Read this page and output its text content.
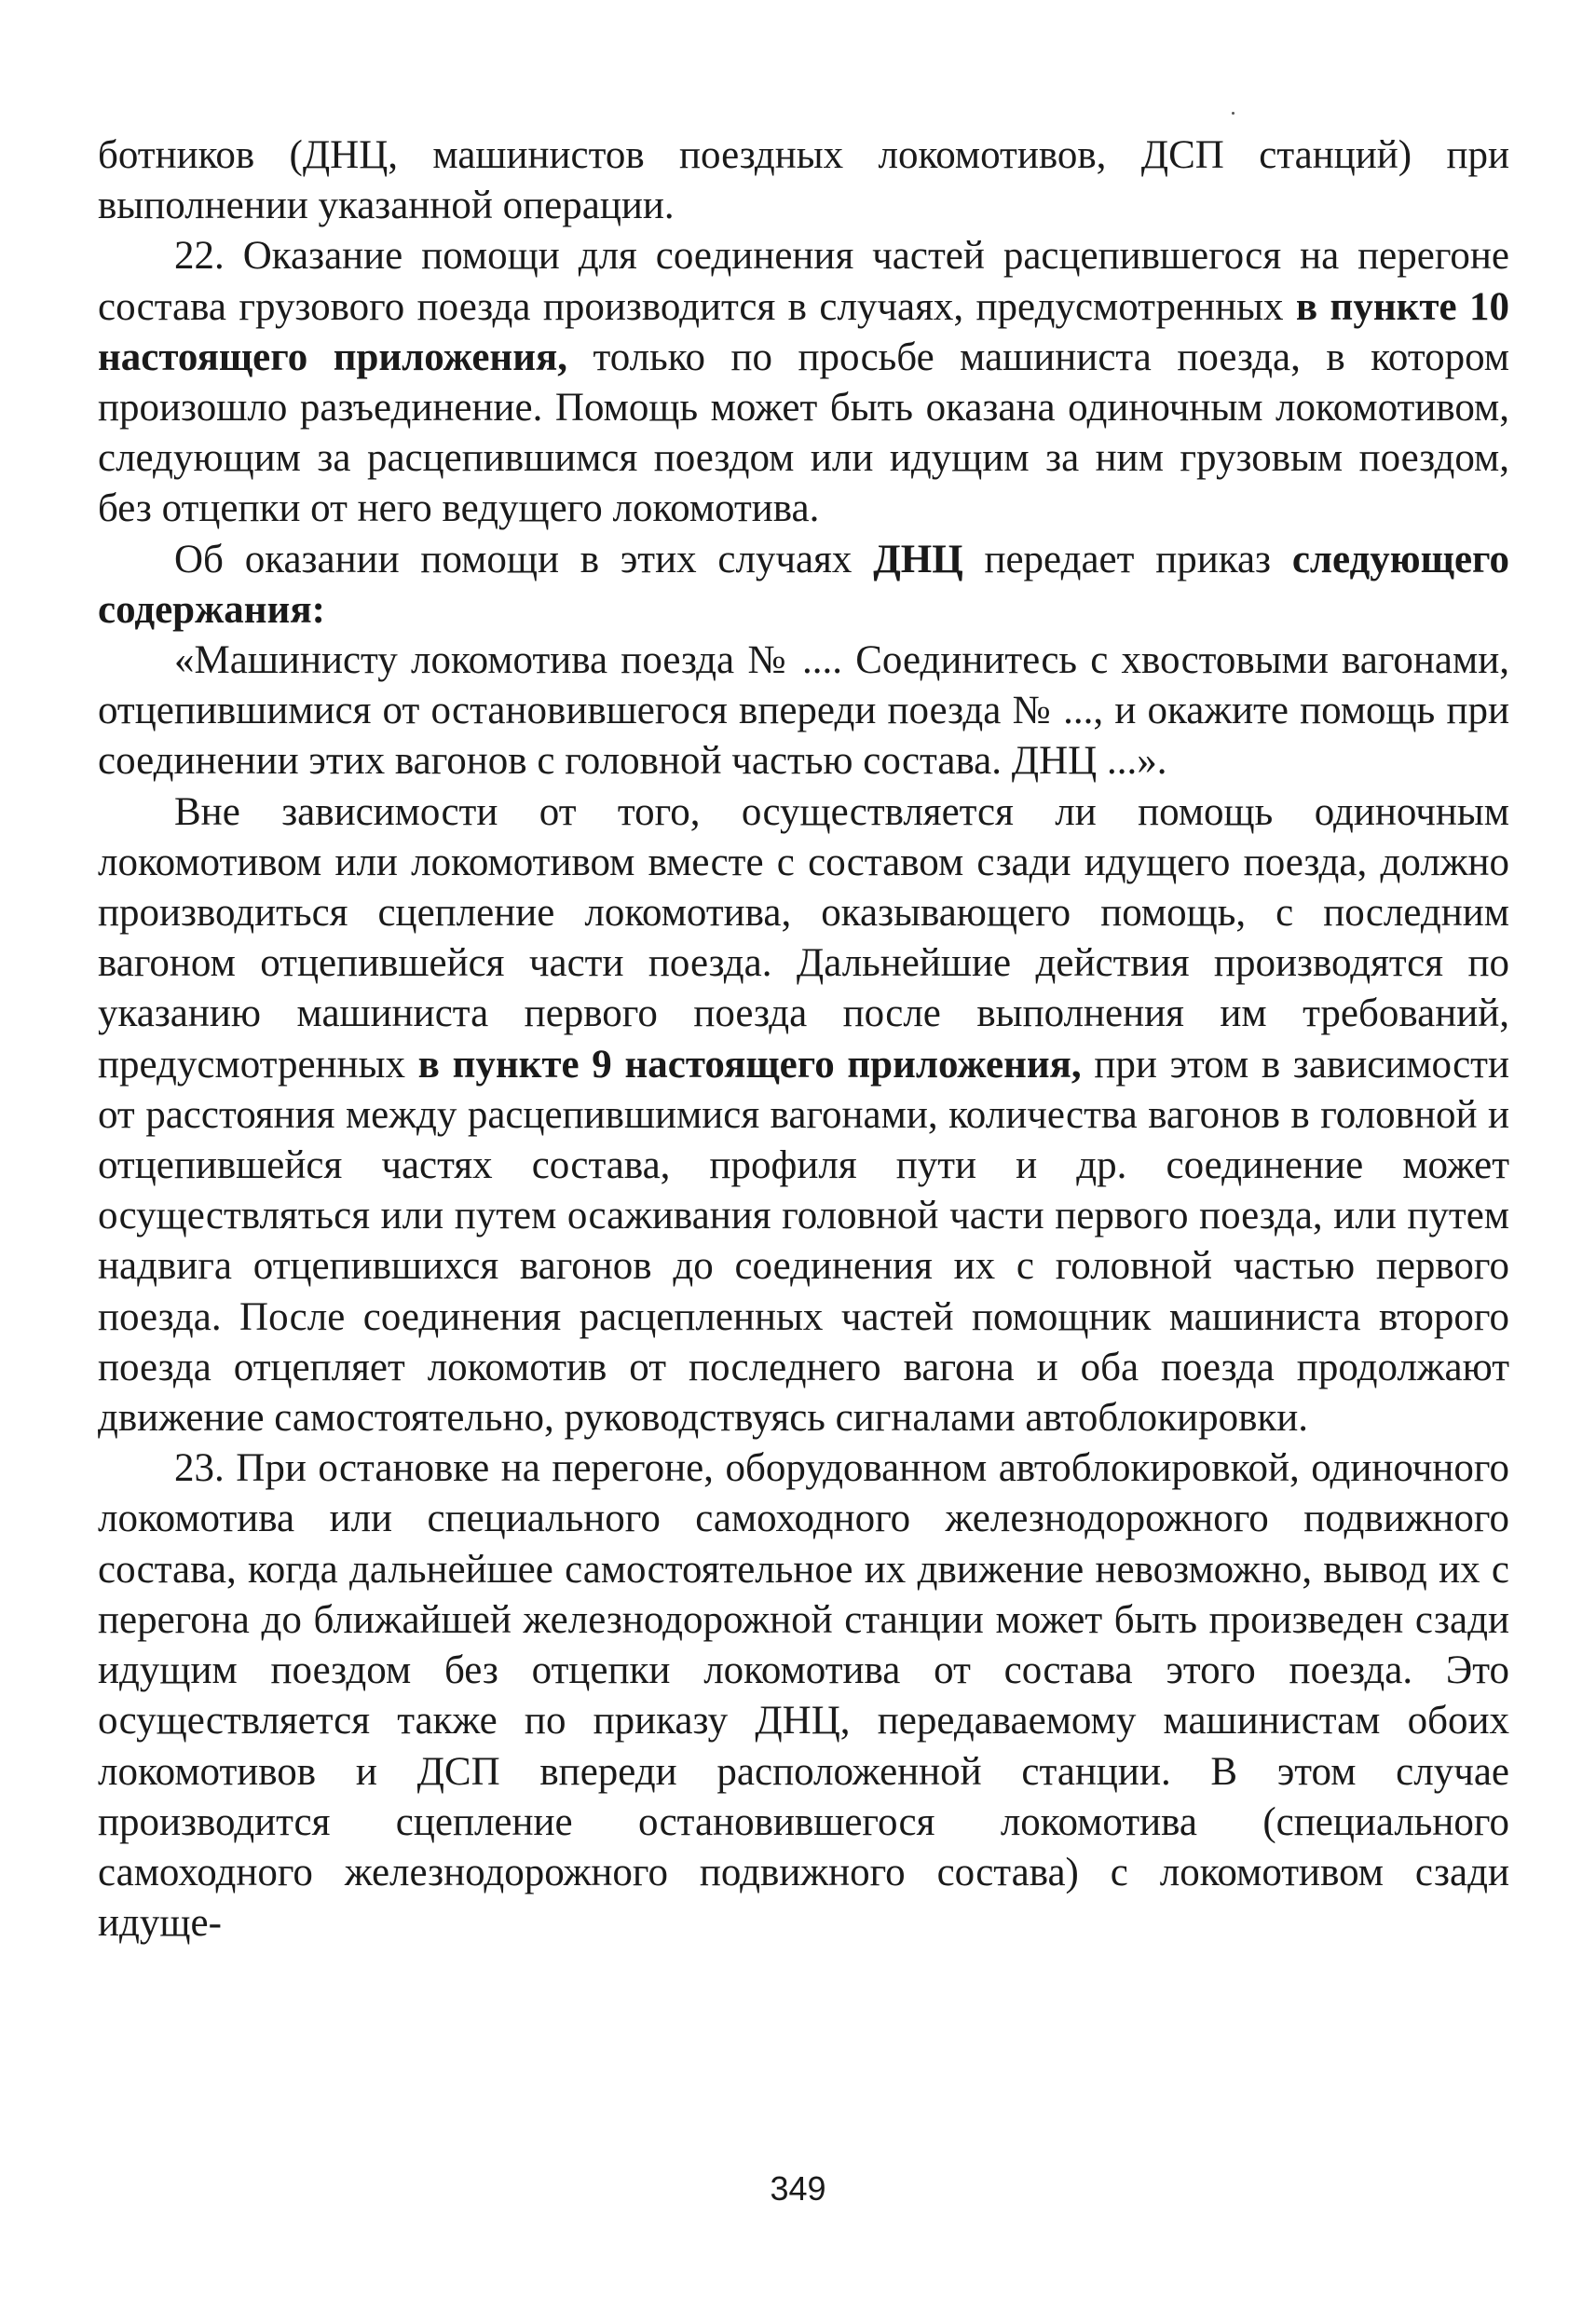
ботников (ДНЦ, машинистов поездных локомотивов, ДСП станций) при выполнении указанной операции.

22. Оказание помощи для соединения частей расцепившегося на перегоне состава грузового поезда производится в случаях, предусмотренных в пункте 10 настоящего приложения, только по просьбе машиниста поезда, в котором произошло разъединение. Помощь может быть оказана одиночным локомотивом, следующим за расцепившимся поездом или идущим за ним грузовым поездом, без отцепки от него ведущего локомотива.

Об оказании помощи в этих случаях ДНЦ передает приказ следующего содержания:

«Машинисту локомотива поезда № .... Соединитесь с хвостовыми вагонами, отцепившимися от остановившегося впереди поезда № ..., и окажите помощь при соединении этих вагонов с головной частью состава. ДНЦ ...».

Вне зависимости от того, осуществляется ли помощь одиночным локомотивом или локомотивом вместе с составом сзади идущего поезда, должно производиться сцепление локомотива, оказывающего помощь, с последним вагоном отцепившейся части поезда. Дальнейшие действия производятся по указанию машиниста первого поезда после выполнения им требований, предусмотренных в пункте 9 настоящего приложения, при этом в зависимости от расстояния между расцепившимися вагонами, количества вагонов в головной и отцепившейся частях состава, профиля пути и др. соединение может осуществляться или путем осаживания головной части первого поезда, или путем надвига отцепившихся вагонов до соединения их с головной частью первого поезда. После соединения расцепленных частей помощник машиниста второго поезда отцепляет локомотив от последнего вагона и оба поезда продолжают движение самостоятельно, руководствуясь сигналами автоблокировки.

23. При остановке на перегоне, оборудованном автоблокировкой, одиночного локомотива или специального самоходного железнодорожного подвижного состава, когда дальнейшее самостоятельное их движение невозможно, вывод их с перегона до ближайшей железнодорожной станции может быть произведен сзади идущим поездом без отцепки локомотива от состава этого поезда. Это осуществляется также по приказу ДНЦ, передаваемому машинистам обоих локомотивов и ДСП впереди расположенной станции. В этом случае производится сцепление остановившегося локомотива (специального самоходного железнодорожного подвижного состава) с локомотивом сзади идуще-

349
